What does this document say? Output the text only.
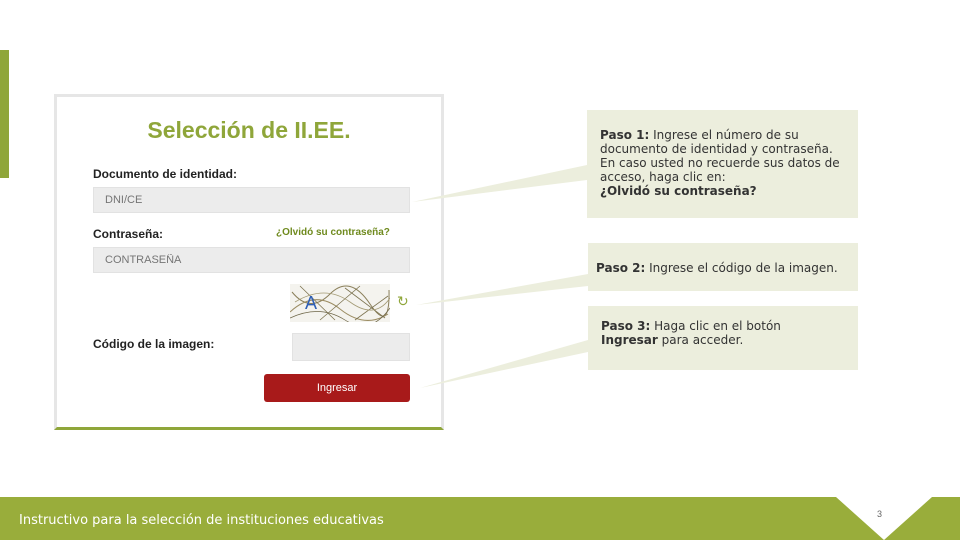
Selección de II.EE.
Documento de identidad:
DNI/CE
Contraseña:	¿Olvidó su contraseña?
A	↻
Código de la imagen:
Ingresar
Paso 1: Ingrese el número de su documento de identidad y contraseña. En caso usted no recuerde sus datos de acceso, haga clic en:
¿Olvidó su contraseña?
Paso 2: Ingrese el código de la imagen.
Paso 3: Haga clic en el botón
Ingresar para acceder.
Instructivo para la selección de instituciones educativas	3
